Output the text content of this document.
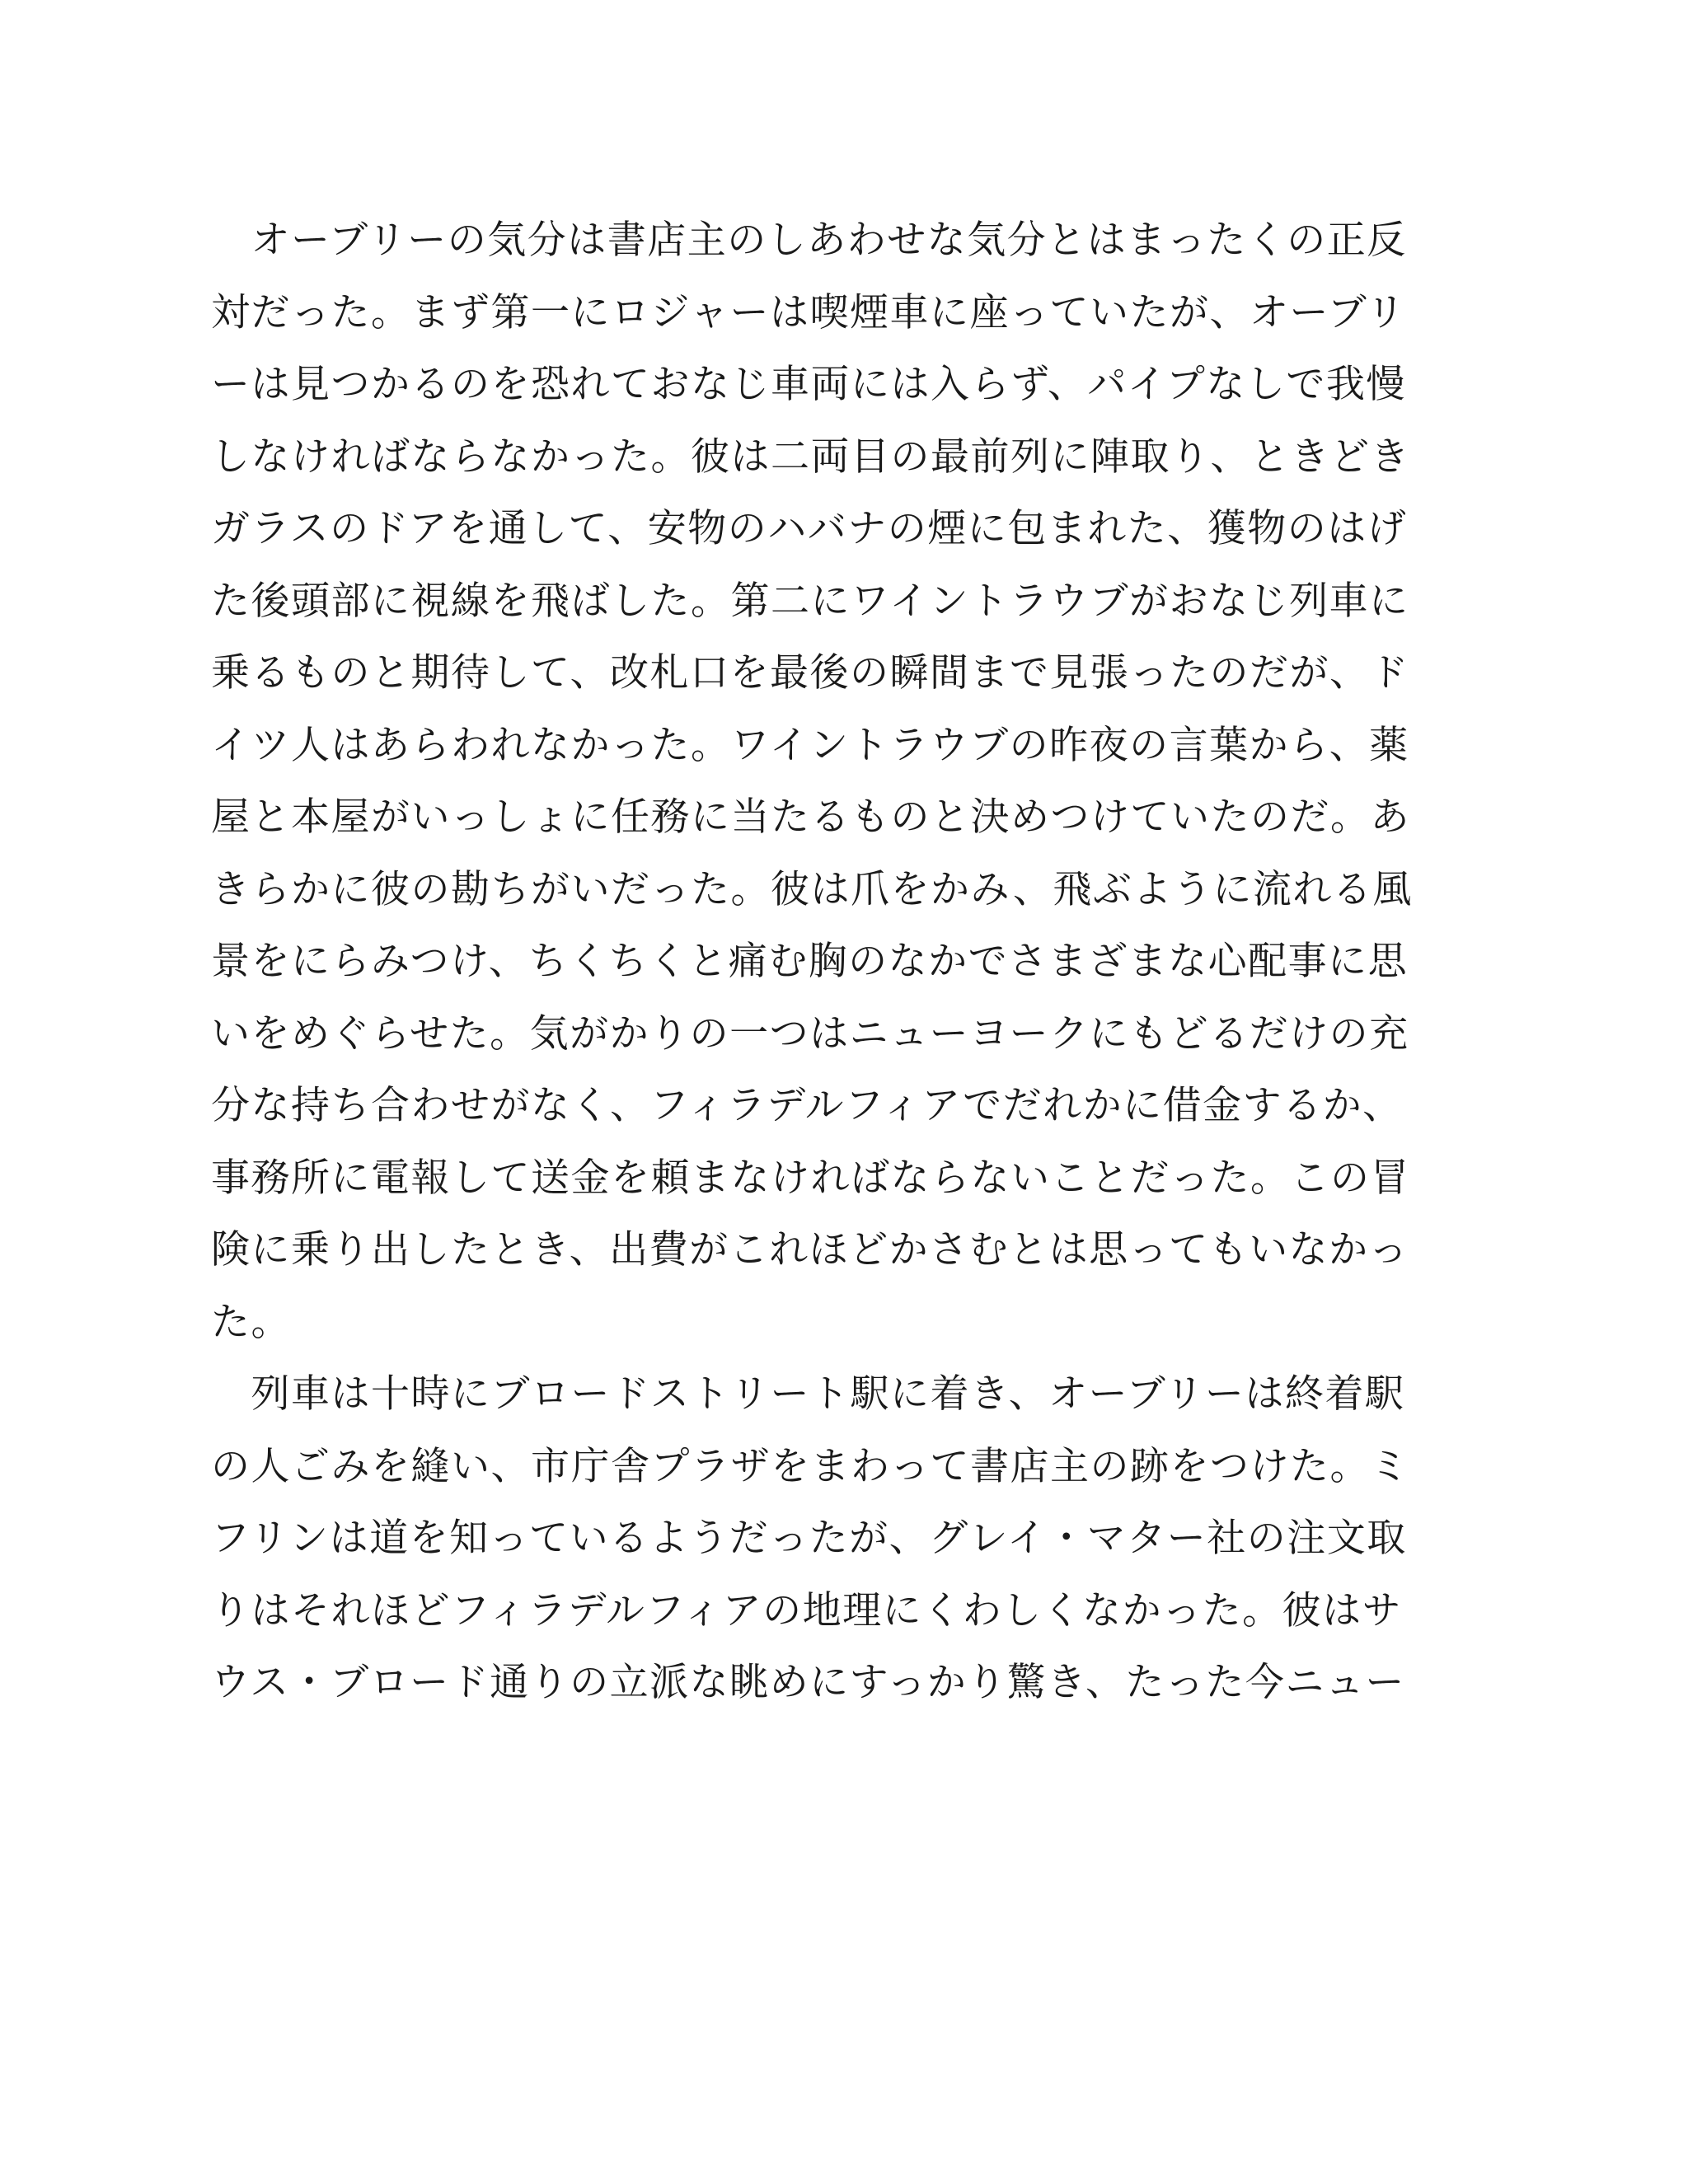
　オーブリーの気分は書店主のしあわせな気分とはまったくの正反
対だった。まず第一にロジャーは喫煙車に座っていたが、オーブリ
ーは見つかるのを恐れておなじ車両には入らず、パイプなしで我慢
しなければならなかった。彼は二両目の最前列に陣取り、ときどき
ガラスのドアを通して、安物のハバナの煙に包まれた、獲物のはげ
た後頭部に視線を飛ばした。第二にワイントラウブがおなじ列車に
乗るものと期待して、改札口を最後の瞬間まで見張ったのだが、ド
イツ人はあらわれなかった。ワイントラウブの昨夜の言葉から、薬
屋と本屋がいっしょに任務に当たるものと決めつけていたのだ。あ
きらかに彼の勘ちがいだった。彼は爪をかみ、飛ぶように流れる風
景をにらみつけ、ちくちくと痛む胸のなかでさまざまな心配事に思
いをめぐらせた。気がかりの一つはニューヨークにもどるだけの充
分な持ち合わせがなく、フィラデルフィアでだれかに借金するか、
事務所に電報して送金を頼まなければならないことだった。この冒
険に乗り出したとき、出費がこれほどかさむとは思ってもいなかっ
た。
　列車は十時にブロードストリート駅に着き、オーブリーは終着駅
の人ごみを縫い、市庁舎プラザをまわって書店主の跡をつけた。ミ
フリンは道を知っているようだったが、グレイ・マター社の注文取
りはそれほどフィラデルフィアの地理にくわしくなかった。彼はサ
ウス・ブロード通りの立派な眺めにすっかり驚き、たった今ニュー
